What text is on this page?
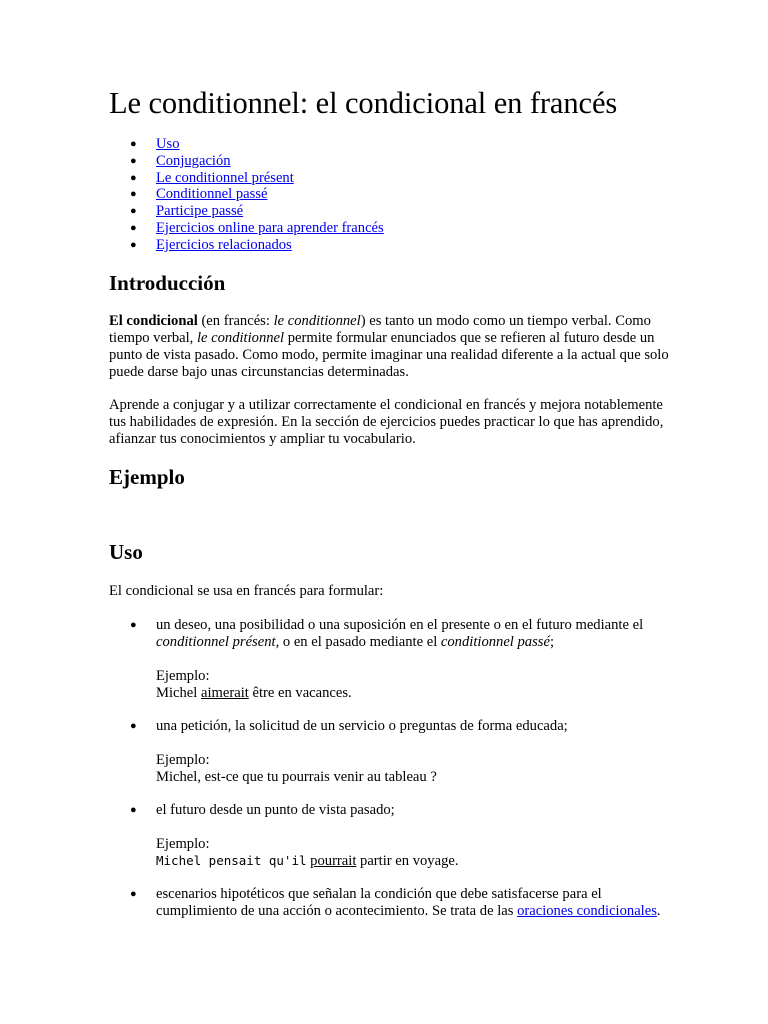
Le conditionnel: el condicional en francés
● Uso
● Conjugación
● Le conditionnel présent
● Conditionnel passé
● Participe passé
● Ejercicios online para aprender francés
● Ejercicios relacionados
Introducción

El condicional (en francés: le conditionnel) es tanto un modo como un tiempo verbal. Como tiempo verbal, le conditionnel permite formular enunciados que se refieren al futuro desde un punto de vista pasado. Como modo, permite imaginar una realidad diferente a la actual que solo puede darse bajo unas circunstancias determinadas.

Aprende a conjugar y a utilizar correctamente el condicional en francés y mejora notablemente tus habilidades de expresión. En la sección de ejercicios puedes practicar lo que has aprendido, afianzar tus conocimientos y ampliar tu vocabulario.

Ejemplo
Uso

El condicional se usa en francés para formular:

● un deseo, una posibilidad o una suposición en el presente o en el futuro mediante el conditionnel présent, o en el pasado mediante el conditionnel passé;
Ejemplo:
Michel aimerait être en vacances.
● una petición, la solicitud de un servicio o preguntas de forma educada;
Ejemplo:
Michel, est-ce que tu pourrais venir au tableau ?
● el futuro desde un punto de vista pasado;
Ejemplo:
Michel pensait qu'il pourrait partir en voyage.
● escenarios hipotéticos que señalan la condición que debe satisfacerse para el cumplimiento de una acción o acontecimiento. Se trata de las oraciones condicionales.
